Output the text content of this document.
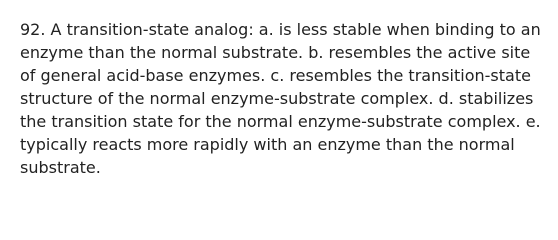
92. A transition-state analog: a. is less stable when binding to an enzyme than the normal substrate. b. resembles the active site of general acid-base enzymes. c. resembles the transition-state structure of the normal enzyme-substrate complex. d. stabilizes the transition state for the normal enzyme-substrate complex. e. typically reacts more rapidly with an enzyme than the normal substrate.
